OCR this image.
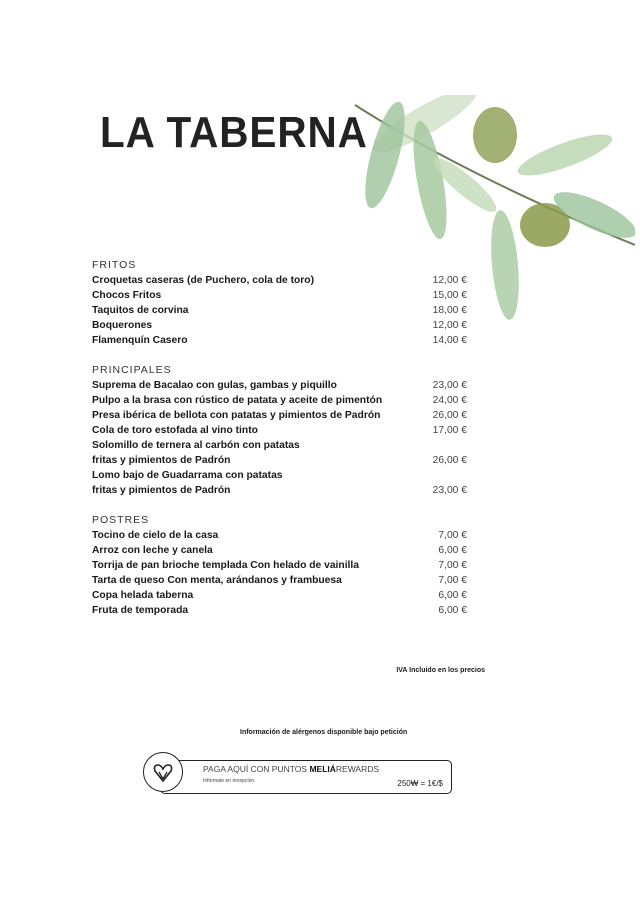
LA TABERNA
FRITOS
Croquetas caseras (de Puchero, cola de toro)	12,00 €
Chocos Fritos	15,00 €
Taquitos de corvina	18,00 €
Boquerones	12,00 €
Flamenquín Casero	14,00 €
PRINCIPALES
Suprema de Bacalao con gulas, gambas y piquillo	23,00 €
Pulpo a la brasa con rústico de patata y aceite de pimentón	24,00 €
Presa ibérica de bellota con patatas y pimientos de Padrón	26,00 €
Cola de toro estofada al vino tinto	17,00 €
Solomillo de ternera al carbón con patatas
fritas y pimientos de Padrón	26,00 €
Lomo bajo de Guadarrama con patatas
fritas y pimientos de Padrón	23,00 €
POSTRES
Tocino de cielo de la casa	7,00 €
Arroz con leche y canela	6,00 €
Torrija de pan brioche templada Con helado de vainilla	7,00 €
Tarta de queso Con menta, arándanos y frambuesa	7,00 €
Copa helada taberna	6,00 €
Fruta de temporada	6,00 €
IVA Incluido en los precios
Información de alérgenos disponible bajo petición
PAGA AQUÍ CON PUNTOS MELIÁREWARDS
Infórmate en recepción.	250₩ = 1€/$
